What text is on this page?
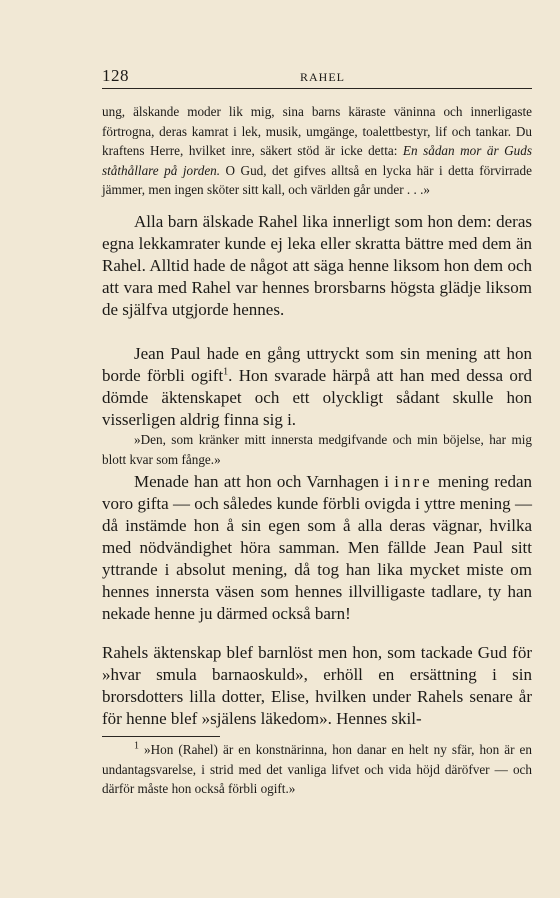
128	RAHEL
ung, älskande moder lik mig, sina barns käraste väninna och innerligaste förtrogna, deras kamrat i lek, musik, umgänge, toalettbestyr, lif och tankar. Du kraftens Herre, hvilket inre, säkert stöd är icke detta: En sådan mor är Guds ståthållare på jorden. O Gud, det gifves alltså en lycka här i detta förvirrade jämmer, men ingen sköter sitt kall, och världen går under . . .»
Alla barn älskade Rahel lika innerligt som hon dem: deras egna lekkamrater kunde ej leka eller skratta bättre med dem än Rahel. Alltid hade de något att säga henne liksom hon dem och att vara med Rahel var hennes brorsbarns högsta glädje liksom de själfva utgjorde hennes.
Jean Paul hade en gång uttryckt som sin mening att hon borde förbli ogift$^1$. Hon svarade härpå att han med dessa ord dömde äktenskapet och ett olyckligt sådant skulle hon visserligen aldrig finna sig i.
»Den, som kränker mitt innersta medgifvande och min böjelse, har mig blott kvar som fånge.»
Menade han att hon och Varnhagen i inre mening redan voro gifta — och således kunde förbli ovigda i yttre mening — då instämde hon å sin egen som å alla deras vägnar, hvilka med nödvändighet höra samman. Men fällde Jean Paul sitt yttrande i absolut mening, då tog han lika mycket miste om hennes innersta väsen som hennes illvilligaste tadlare, ty han nekade henne ju därmed också barn!
Rahels äktenskap blef barnlöst men hon, som tackade Gud för »hvar smula barnaoskuld», erhöll en ersättning i sin brorsdotters lilla dotter, Elise, hvilken under Rahels senare år för henne blef »själens läkedom». Hennes skil-
$^1$ »Hon (Rahel) är en konstnärinna, hon danar en helt ny sfär, hon är en undantagsvarelse, i strid med det vanliga lifvet och vida höjd däröfver — och därför måste hon också förbli ogift.»
